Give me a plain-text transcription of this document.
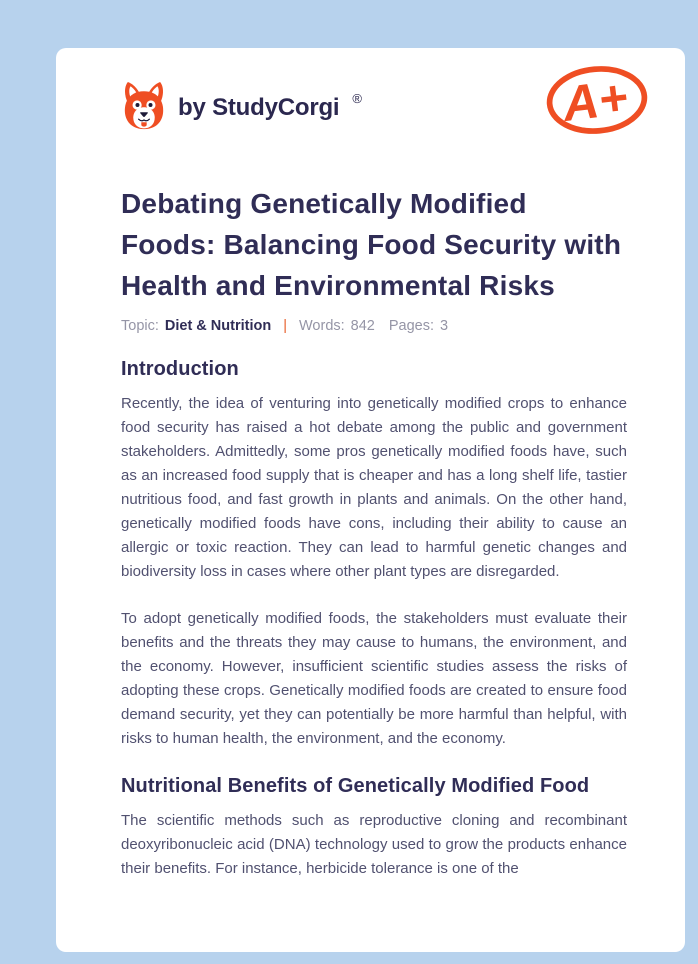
by StudyCorgi ®	A+
Debating Genetically Modified Foods: Balancing Food Security with Health and Environmental Risks
Topic: Diet & Nutrition | Words: 842 Pages: 3
Introduction

Recently, the idea of venturing into genetically modified crops to enhance food security has raised a hot debate among the public and government stakeholders. Admittedly, some pros genetically modified foods have, such as an increased food supply that is cheaper and has a long shelf life, tastier nutritious food, and fast growth in plants and animals. On the other hand, genetically modified foods have cons, including their ability to cause an allergic or toxic reaction. They can lead to harmful genetic changes and biodiversity loss in cases where other plant types are disregarded.

To adopt genetically modified foods, the stakeholders must evaluate their benefits and the threats they may cause to humans, the environment, and the economy. However, insufficient scientific studies assess the risks of adopting these crops. Genetically modified foods are created to ensure food demand security, yet they can potentially be more harmful than helpful, with risks to human health, the environment, and the economy.

Nutritional Benefits of Genetically Modified Food

The scientific methods such as reproductive cloning and recombinant deoxyribonucleic acid (DNA) technology used to grow the products enhance their benefits. For instance, herbicide tolerance is one of the
